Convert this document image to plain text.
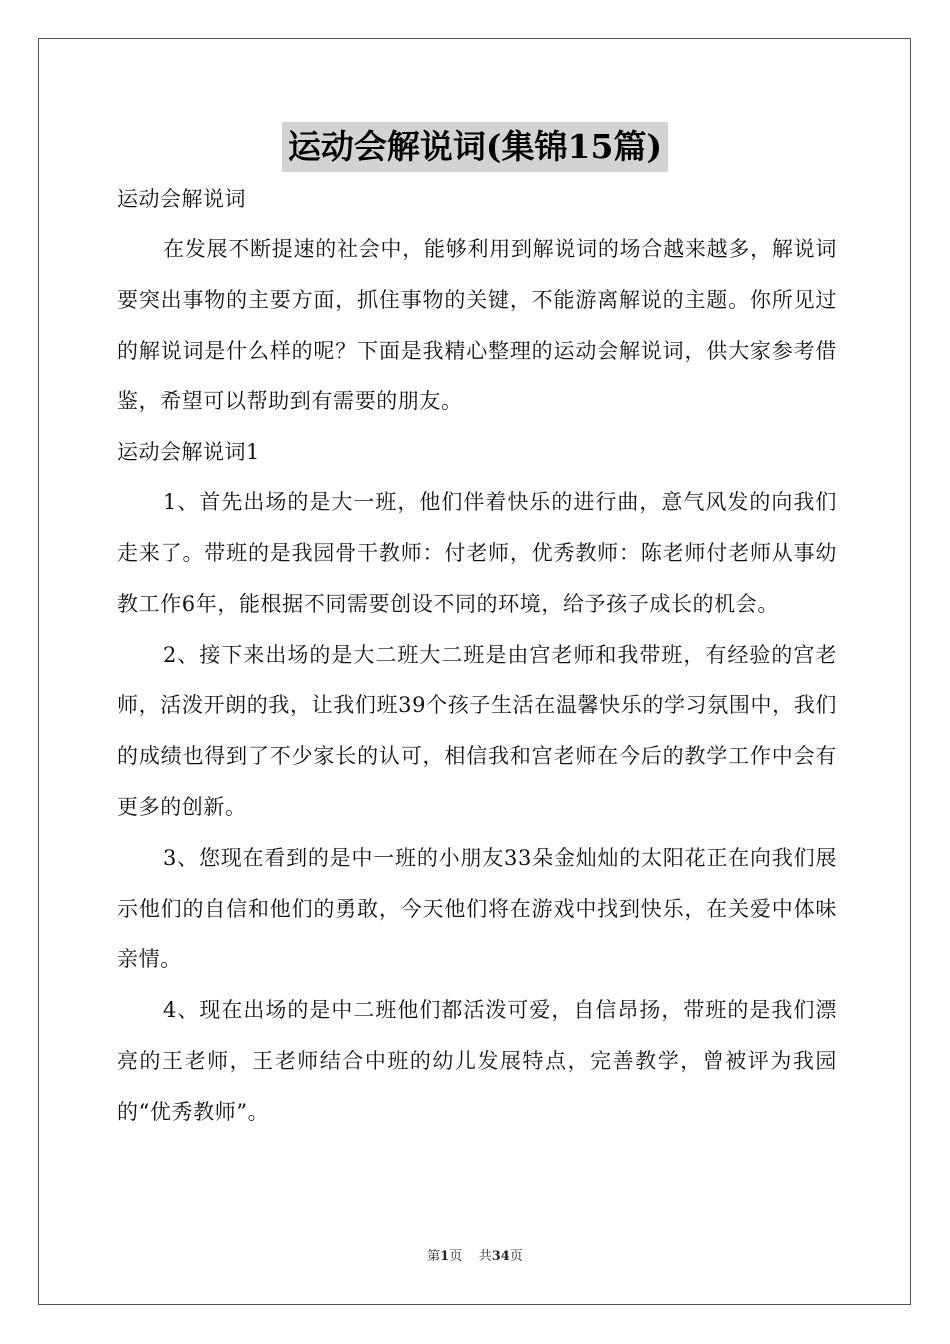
运动会解说词(集锦15篇)

运动会解说词

在发展不断提速的社会中，能够利用到解说词的场合越来越多，解说词要突出事物的主要方面，抓住事物的关键，不能游离解说的主题。你所见过的解说词是什么样的呢？下面是我精心整理的运动会解说词，供大家参考借鉴，希望可以帮助到有需要的朋友。

运动会解说词1

1、首先出场的是大一班，他们伴着快乐的进行曲，意气风发的向我们走来了。带班的是我园骨干教师：付老师，优秀教师：陈老师付老师从事幼教工作6年，能根据不同需要创设不同的环境，给予孩子成长的机会。

2、接下来出场的是大二班大二班是由宫老师和我带班，有经验的宫老师，活泼开朗的我，让我们班39个孩子生活在温馨快乐的学习氛围中，我们的成绩也得到了不少家长的认可，相信我和宫老师在今后的教学工作中会有更多的创新。

3、您现在看到的是中一班的小朋友33朵金灿灿的太阳花正在向我们展示他们的自信和他们的勇敢，今天他们将在游戏中找到快乐，在关爱中体味亲情。

4、现在出场的是中二班他们都活泼可爱，自信昂扬，带班的是我们漂亮的王老师，王老师结合中班的幼儿发展特点，完善教学，曾被评为我园的“优秀教师”。

第1页 共34页
